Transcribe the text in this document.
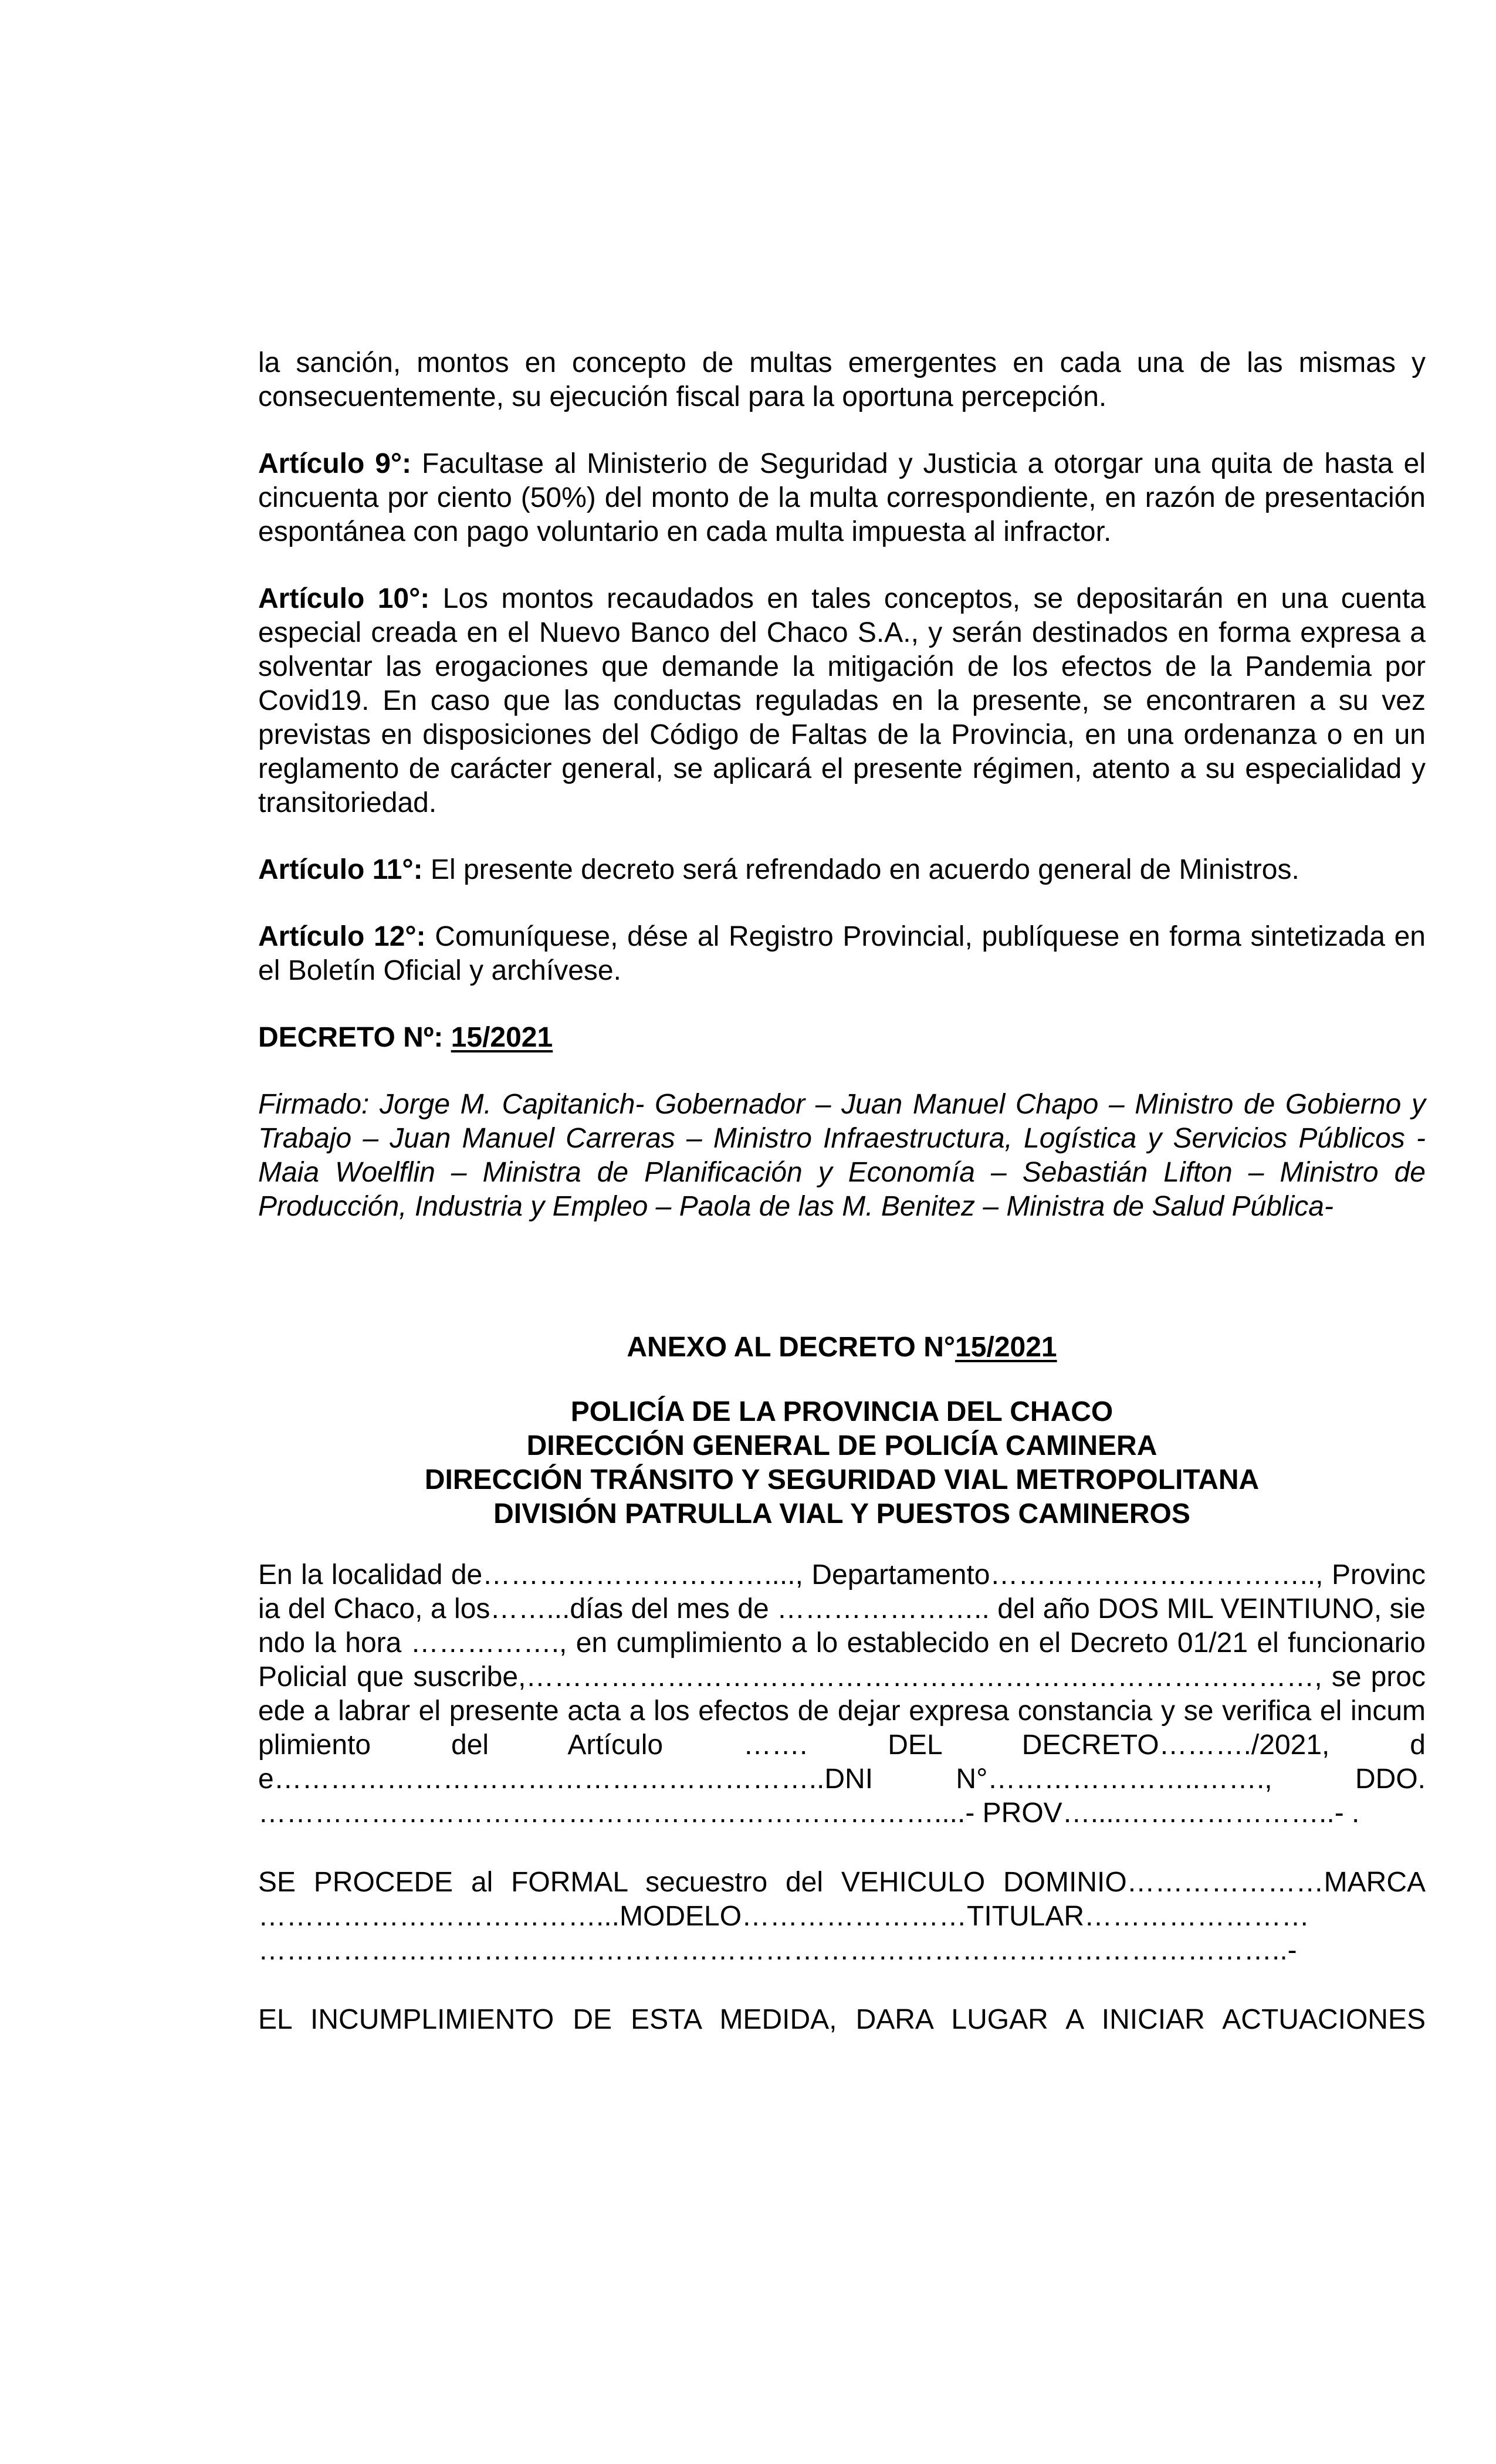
la sanción, montos en concepto de multas emergentes en cada una de las mismas y consecuentemente, su ejecución fiscal para la oportuna percepción.

Artículo 9°: Facultase al Ministerio de Seguridad y Justicia a otorgar una quita de hasta el cincuenta por ciento (50%) del monto de la multa correspondiente, en razón de presentación espontánea con pago voluntario en cada multa impuesta al infractor.

Artículo 10°: Los montos recaudados en tales conceptos, se depositarán en una cuenta especial creada en el Nuevo Banco del Chaco S.A., y serán destinados en forma expresa a solventar las erogaciones que demande la mitigación de los efectos de la Pandemia por Covid19. En caso que las conductas reguladas en la presente, se encontraren a su vez previstas en disposiciones del Código de Faltas de la Provincia, en una ordenanza o en un reglamento de carácter general, se aplicará el presente régimen, atento a su especialidad y transitoriedad.

Artículo 11°: El presente decreto será refrendado en acuerdo general de Ministros.

Artículo 12°: Comuníquese, dése al Registro Provincial, publíquese en forma sintetizada en el Boletín Oficial y archívese.

DECRETO Nº: 15/2021

Firmado: Jorge M. Capitanich- Gobernador – Juan Manuel Chapo – Ministro de Gobierno y Trabajo – Juan Manuel Carreras – Ministro Infraestructura, Logística y Servicios Públicos - Maia Woelflin – Ministra de Planificación y Economía – Sebastián Lifton – Ministro de Producción, Industria y Empleo – Paola de las M. Benitez – Ministra de Salud Pública-

ANEXO AL DECRETO N°15/2021

POLICÍA DE LA PROVINCIA DEL CHACO

DIRECCIÓN GENERAL DE POLICÍA CAMINERA

DIRECCIÓN TRÁNSITO Y SEGURIDAD VIAL METROPOLITANA

DIVISIÓN PATRULLA VIAL Y PUESTOS CAMINEROS

En la localidad de…………………………...., Departamento…………………………….., Provincia del Chaco, a los……...días del mes de ………………….. del año DOS MIL VEINTIUNO, siendo la hora ……………., en cumplimiento a lo establecido en el Decreto 01/21 el funcionario Policial que suscribe,…………………………………………………………………………, se procede a labrar el presente acta a los efectos de dejar expresa constancia y se verifica el incumplimiento del Artículo ……. DEL DECRETO………./2021, de…………………………………………………..DNI N°…………………..……., DDO. ………………………………………………………………....- PROV…....…………………..- .

SE PROCEDE al FORMAL secuestro del VEHICULO DOMINIO…………………MARCA ………………………………...MODELO……………………TITULAR…………………… ………………………………………………………………………………………………..-

EL INCUMPLIMIENTO DE ESTA MEDIDA, DARA LUGAR A INICIAR ACTUACIONES
